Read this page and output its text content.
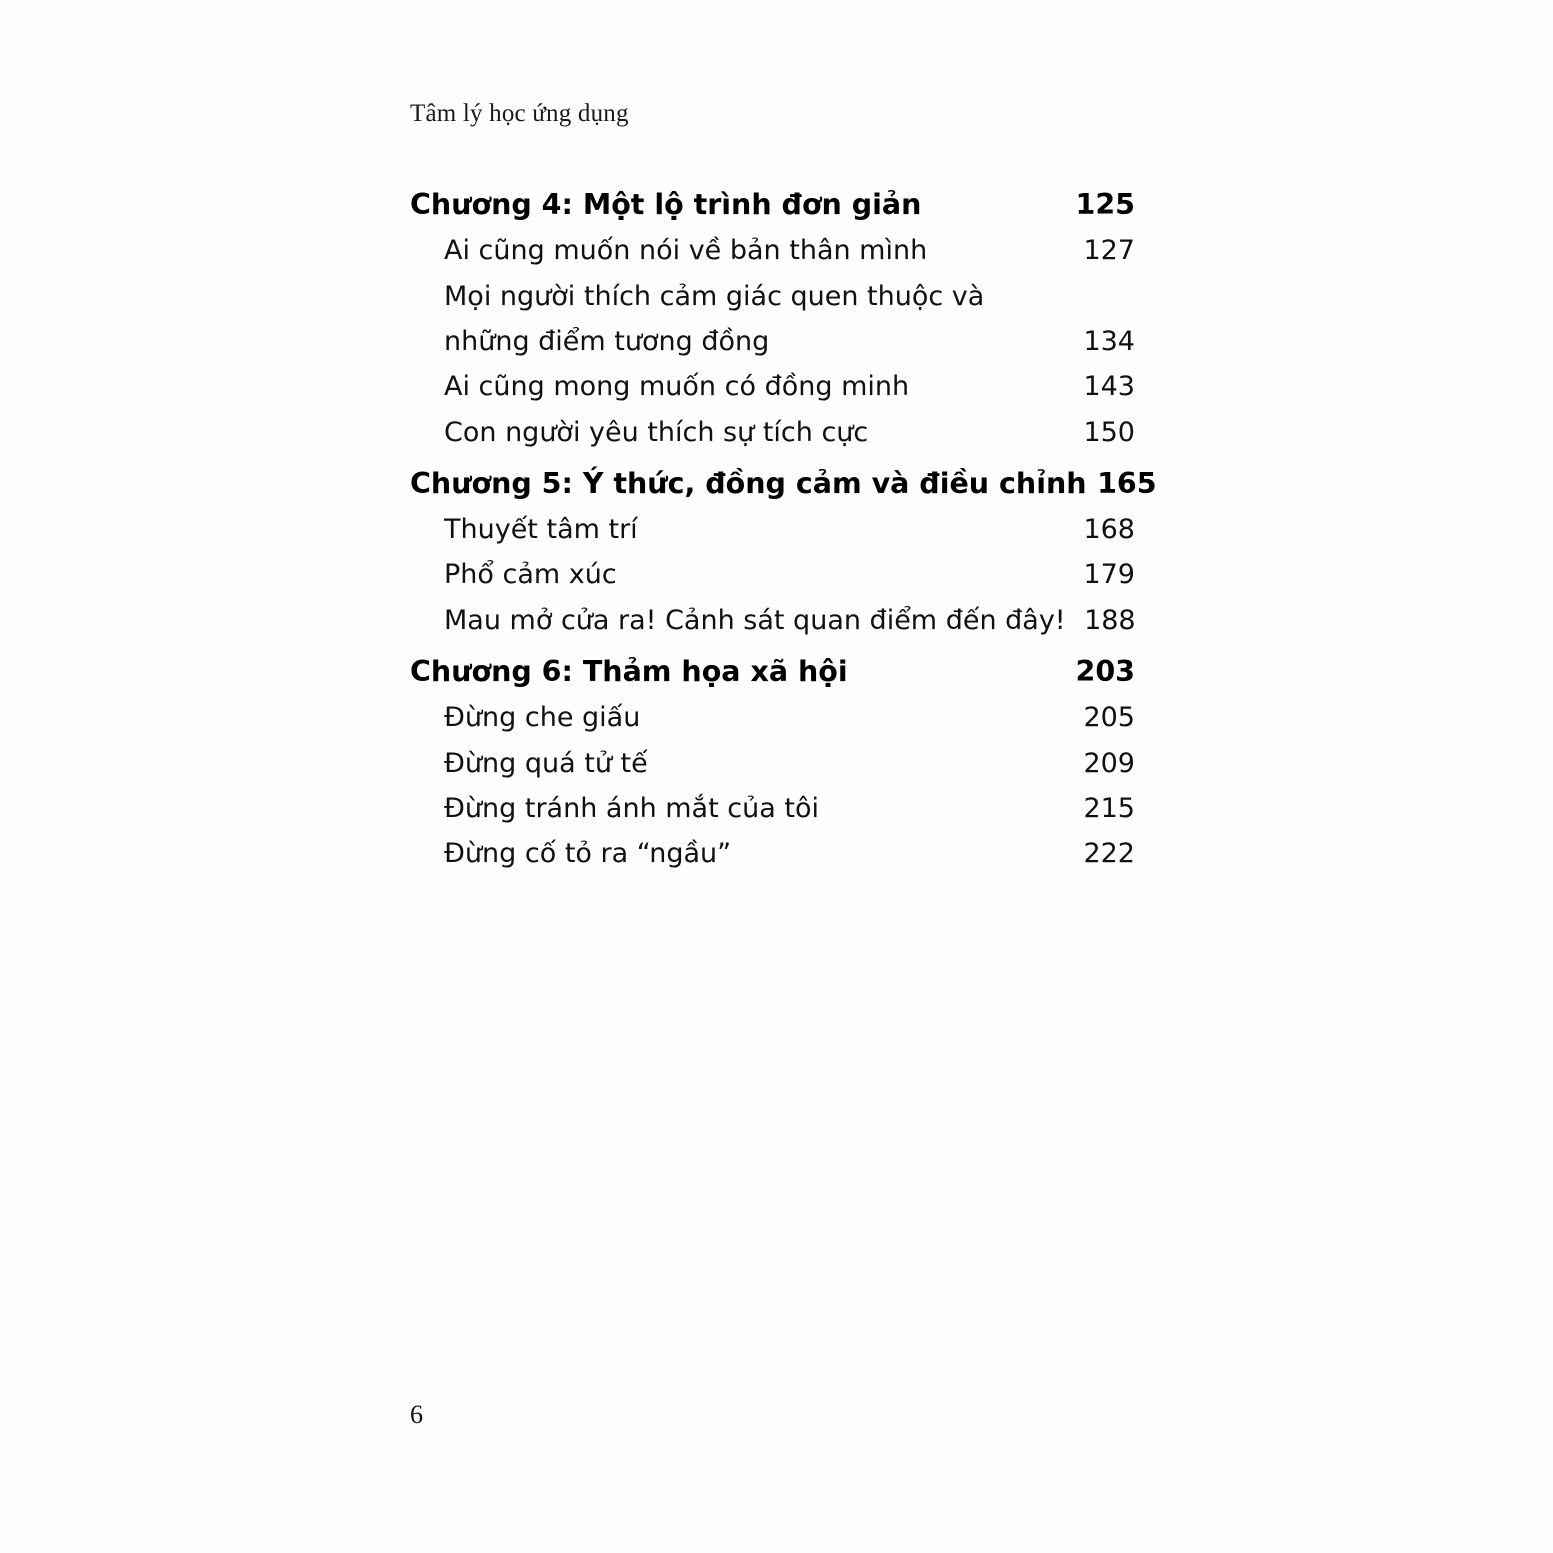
Tâm lý học ứng dụng
Chương 4: Một lộ trình đơn giản	125
Ai cũng muốn nói về bản thân mình	127
Mọi người thích cảm giác quen thuộc và
những điểm tương đồng	134
Ai cũng mong muốn có đồng minh	143
Con người yêu thích sự tích cực	150
Chương 5: Ý thức, đồng cảm và điều chỉnh 165
Thuyết tâm trí	168
Phổ cảm xúc	179
Mau mở cửa ra! Cảnh sát quan điểm đến đây! 188
Chương 6: Thảm họa xã hội	203
Đừng che giấu	205
Đừng quá tử tế	209
Đừng tránh ánh mắt của tôi	215
Đừng cố tỏ ra “ngầu”	222
6
